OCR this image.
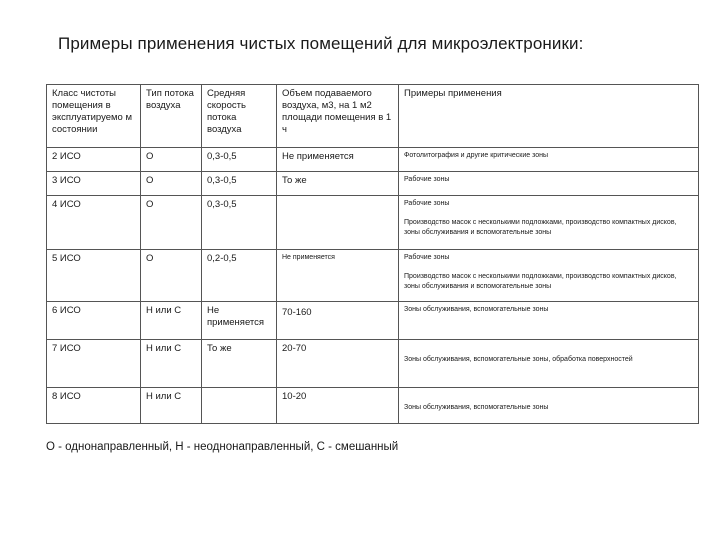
Примеры применения чистых помещений для микроэлектроники:
Класс чистоты помещения в эксплуатируемо м состоянии	Тип потока воздуха	Средняя скорость потока воздуха	Объем подаваемого воздуха, м3, на 1 м2 площади помещения в 1 ч	Примеры применения
2 ИСО	О	0,3-0,5	Не применяется	Фотолитография и другие критические зоны
3 ИСО	О	0,3-0,5	То же	Рабочие зоны
4 ИСО	О	0,3-0,5		Рабочие зоны
Производство масок с несколькими подложками, производство компактных дисков, зоны обслуживания и вспомогательные зоны

5 ИСО	О	0,2-0,5	Не применяется	Рабочие зоны
Производство масок с несколькими подложками, производство компактных дисков, зоны обслуживания и вспомогательные зоны

6 ИСО	Н или С	Не применяется	70-160	Зоны обслуживания, вспомогательные зоны
7 ИСО	Н или С	То же	20-70	Зоны обслуживания, вспомогательные зоны, обработка поверхностей

8 ИСО	Н или С		10-20	Зоны обслуживания, вспомогательные зоны
О - однонаправленный, Н - неоднонаправленный, С - смешанный
